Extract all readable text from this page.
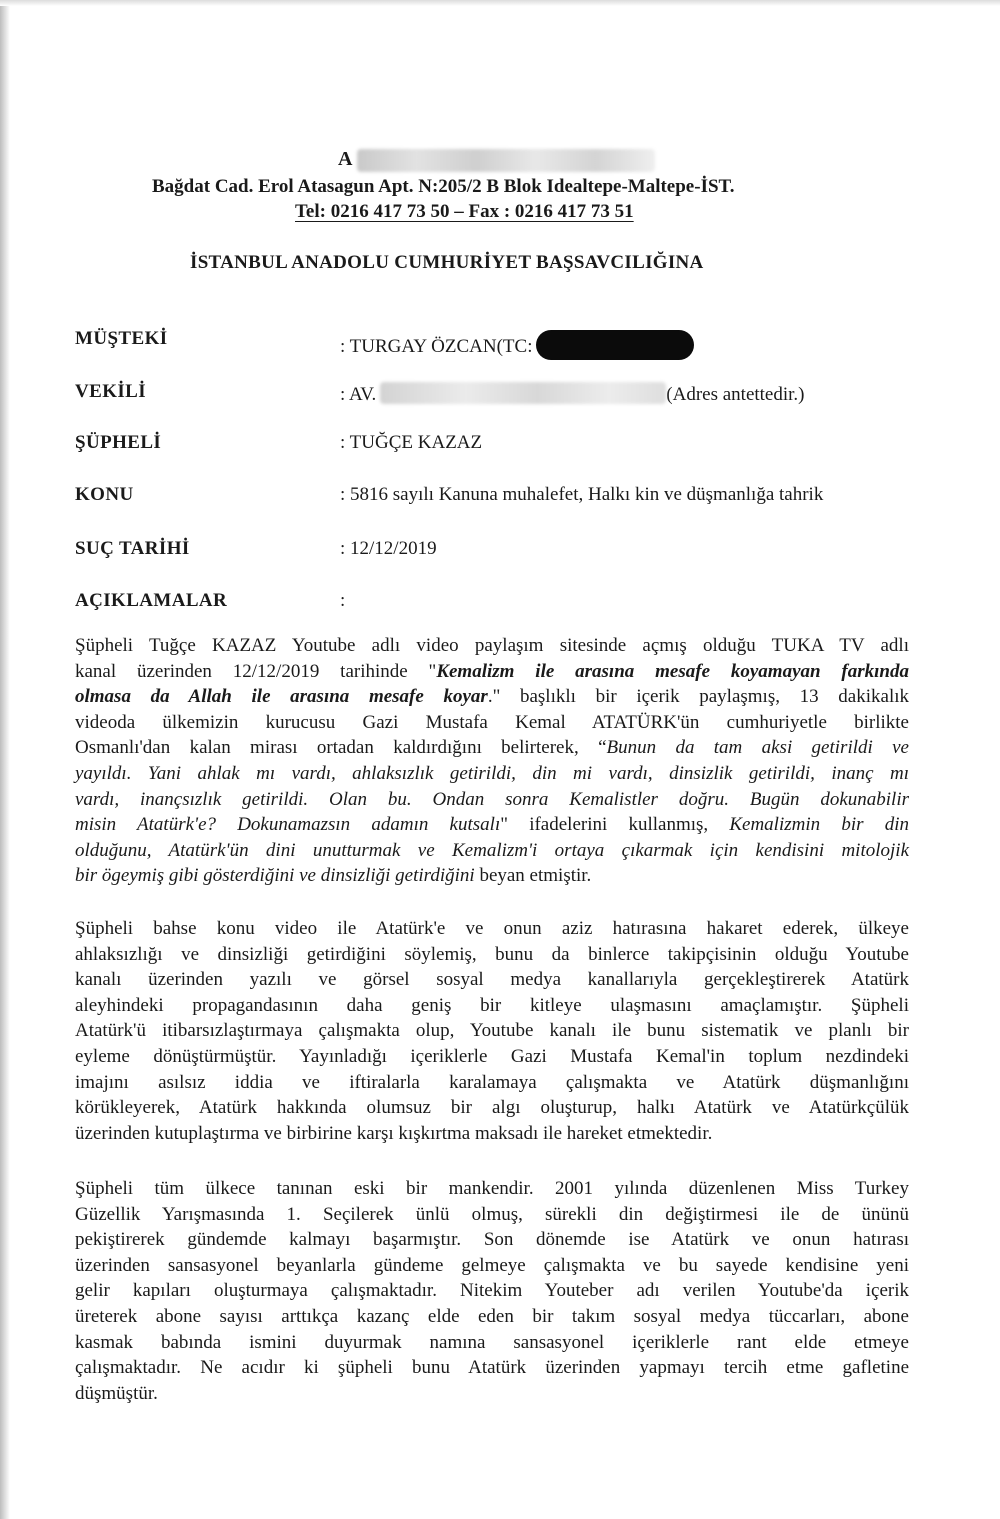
A
Bağdat Cad. Erol Atasagun Apt. N:205/2 B Blok Idealtepe-Maltepe-İST.
Tel: 0216 417 73 50 – Fax : 0216 417 73 51
İSTANBUL ANADOLU CUMHURİYET BAŞSAVCILIĞINA
MÜŞTEKİ	: TURGAY ÖZCAN(TC:
VEKİLİ	: AV.	(Adres antettedir.)
ŞÜPHELİ	: TUĞÇE KAZAZ
KONU	: 5816 sayılı Kanuna muhalefet, Halkı kin ve düşmanlığa tahrik
SUÇ TARİHİ	: 12/12/2019
AÇIKLAMALAR	:
Şüpheli Tuğçe KAZAZ Youtube adlı video paylaşım sitesinde açmış olduğu TUKA TV adlı
kanal üzerinden 12/12/2019 tarihinde "Kemalizm ile arasına mesafe koyamayan farkında
olmasa da Allah ile arasına mesafe koyar." başlıklı bir içerik paylaşmış, 13 dakikalık
videoda ülkemizin kurucusu Gazi Mustafa Kemal ATATÜRK'ün cumhuriyetle birlikte
Osmanlı'dan kalan mirası ortadan kaldırdığını belirterek, “Bunun da tam aksi getirildi ve
yayıldı. Yani ahlak mı vardı, ahlaksızlık getirildi, din mi vardı, dinsizlik getirildi, inanç mı
vardı, inançsızlık getirildi. Olan bu. Ondan sonra Kemalistler doğru. Bugün dokunabilir
misin Atatürk'e? Dokunamazsın adamın kutsalı" ifadelerini kullanmış, Kemalizmin bir din
olduğunu, Atatürk'ün dini unutturmak ve Kemalizm'i ortaya çıkarmak için kendisini mitolojik
bir ögeymiş gibi gösterdiğini ve dinsizliği getirdiğini beyan etmiştir.
Şüpheli bahse konu video ile Atatürk'e ve onun aziz hatırasına hakaret ederek, ülkeye
ahlaksızlığı ve dinsizliği getirdiğini söylemiş, bunu da binlerce takipçisinin olduğu Youtube
kanalı üzerinden yazılı ve görsel sosyal medya kanallarıyla gerçekleştirerek Atatürk
aleyhindeki propagandasının daha geniş bir kitleye ulaşmasını amaçlamıştır. Şüpheli
Atatürk'ü itibarsızlaştırmaya çalışmakta olup, Youtube kanalı ile bunu sistematik ve planlı bir
eyleme dönüştürmüştür. Yayınladığı içeriklerle Gazi Mustafa Kemal'in toplum nezdindeki
imajını asılsız iddia ve iftiralarla karalamaya çalışmakta ve Atatürk düşmanlığını
körükleyerek, Atatürk hakkında olumsuz bir algı oluşturup, halkı Atatürk ve Atatürkçülük
üzerinden kutuplaştırma ve birbirine karşı kışkırtma maksadı ile hareket etmektedir.
Şüpheli tüm ülkece tanınan eski bir mankendir. 2001 yılında düzenlenen Miss Turkey
Güzellik Yarışmasında 1. Seçilerek ünlü olmuş, sürekli din değiştirmesi ile de ününü
pekiştirerek gündemde kalmayı başarmıştır. Son dönemde ise Atatürk ve onun hatırası
üzerinden sansasyonel beyanlarla gündeme gelmeye çalışmakta ve bu sayede kendisine yeni
gelir kapıları oluşturmaya çalışmaktadır. Nitekim Youteber adı verilen Youtube'da içerik
üreterek abone sayısı arttıkça kazanç elde eden bir takım sosyal medya tüccarları, abone
kasmak babında ismini duyurmak namına sansasyonel içeriklerle rant elde etmeye
çalışmaktadır. Ne acıdır ki şüpheli bunu Atatürk üzerinden yapmayı tercih etme gafletine
düşmüştür.
